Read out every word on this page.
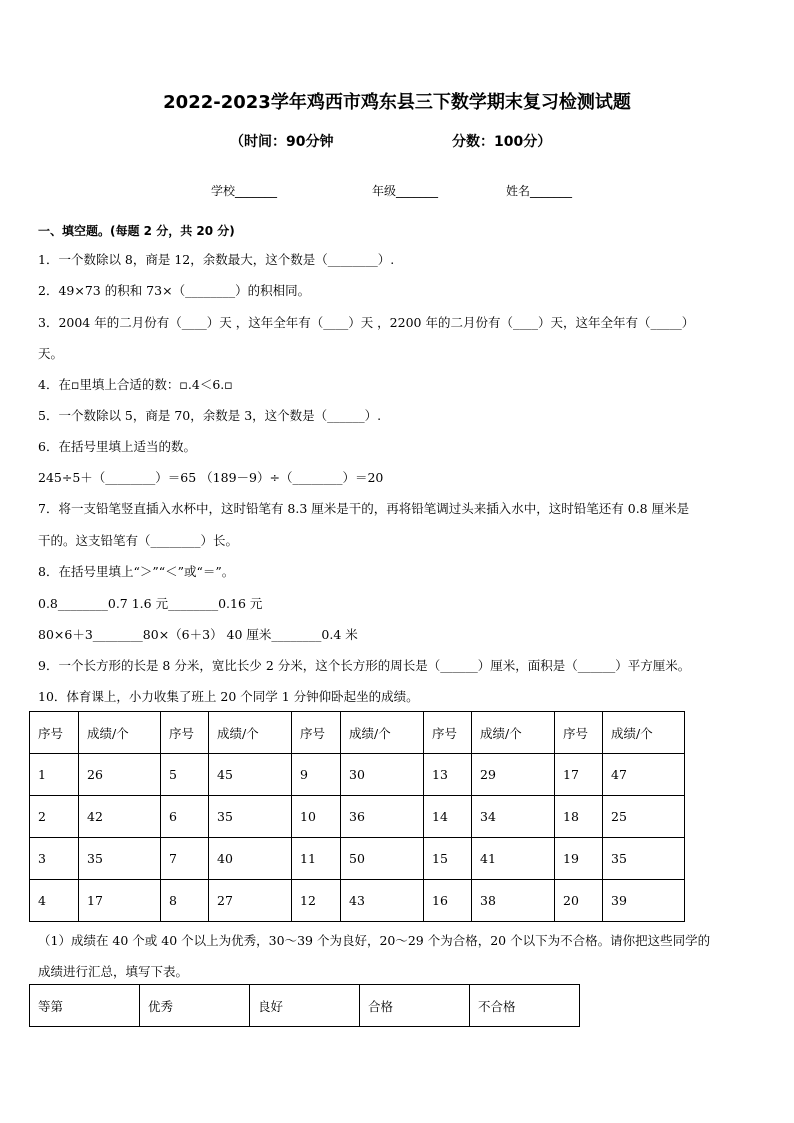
2022-2023学年鸡西市鸡东县三下数学期末复习检测试题
（时间：90分钟	分数：100分）
学校_______	年级_______	姓名_______
一、填空题。(每题 2 分，共 20 分)
1．一个数除以 8，商是 12，余数最大，这个数是（________）.
2．49×73 的积和 73×（________）的积相同。
3．2004 年的二月份有（____）天 ，这年全年有（____）天 ，2200 年的二月份有（____）天，这年全年有（_____）
天。
4．在▫里填上合适的数：▫.4＜6.▫
5．一个数除以 5，商是 70，余数是 3，这个数是（______）.
6．在括号里填上适当的数。
245÷5＋（________）＝65 （189－9）÷（________）＝20
7．将一支铅笔竖直插入水杯中，这时铅笔有 8.3 厘米是干的，再将铅笔调过头来插入水中，这时铅笔还有 0.8 厘米是
干的。这支铅笔有（________）长。
8．在括号里填上“＞”“＜”或“＝”。
0.8________0.7 1.6 元________0.16 元
80×6＋3________80×（6＋3） 40 厘米________0.4 米
9．一个长方形的长是 8 分米，宽比长少 2 分米，这个长方形的周长是（______）厘米，面积是（______）平方厘米。
10．体育课上，小力收集了班上 20 个同学 1 分钟仰卧起坐的成绩。
序号	成绩/个	序号	成绩/个	序号	成绩/个	序号	成绩/个	序号	成绩/个
1	26	5	45	9	30	13	29	17	47
2	42	6	35	10	36	14	34	18	25
3	35	7	40	11	50	15	41	19	35
4	17	8	27	12	43	16	38	20	39
（1）成绩在 40 个或 40 个以上为优秀，30～39 个为良好，20～29 个为合格，20 个以下为不合格。请你把这些同学的
成绩进行汇总，填写下表。
等第	优秀	良好	合格	不合格
